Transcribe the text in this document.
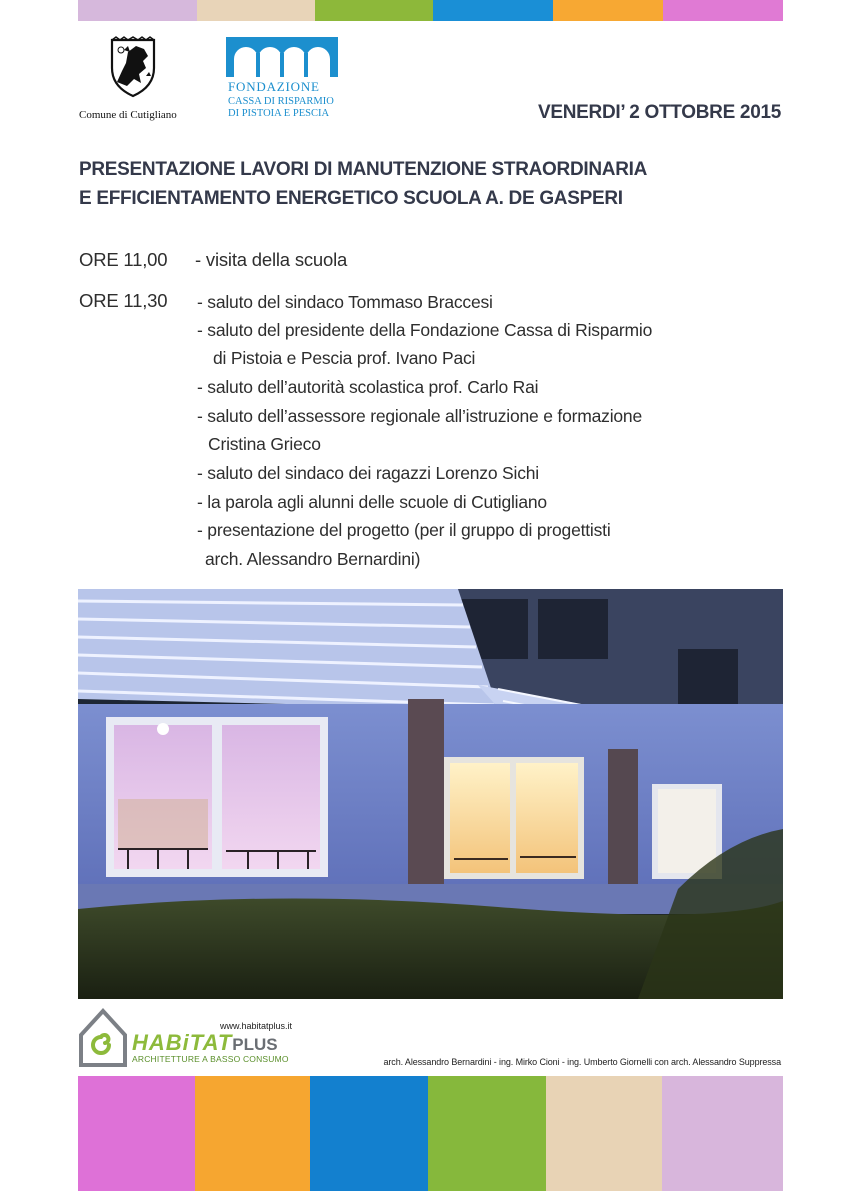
Comune di Cutigliano
FONDAZIONE
CASSA DI RISPARMIO
DI PISTOIA E PESCIA	VENERDI’ 2 OTTOBRE 2015
PRESENTAZIONE LAVORI DI MANUTENZIONE STRAORDINARIA
E EFFICIENTAMENTO ENERGETICO SCUOLA A. DE GASPERI
ORE 11,00 - visita della scuola
ORE 11,30 - saluto del sindaco Tommaso Braccesi
- saluto del presidente della Fondazione Cassa di Risparmio
di Pistoia e Pescia prof. Ivano Paci
- saluto dell’autorità scolastica prof. Carlo Rai
- saluto dell’assessore regionale all’istruzione e formazione
Cristina Grieco
- saluto del sindaco dei ragazzi Lorenzo Sichi
- la parola agli alunni delle scuole di Cutigliano
- presentazione del progetto (per il gruppo di progettisti
arch. Alessandro Bernardini)
www.habitatplus.it
HABiTATPLUS
ARCHITETTURE A BASSO CONSUMO	arch. Alessandro Bernardini - ing. Mirko Cioni - ing. Umberto Giornelli con arch. Alessandro Suppressa
